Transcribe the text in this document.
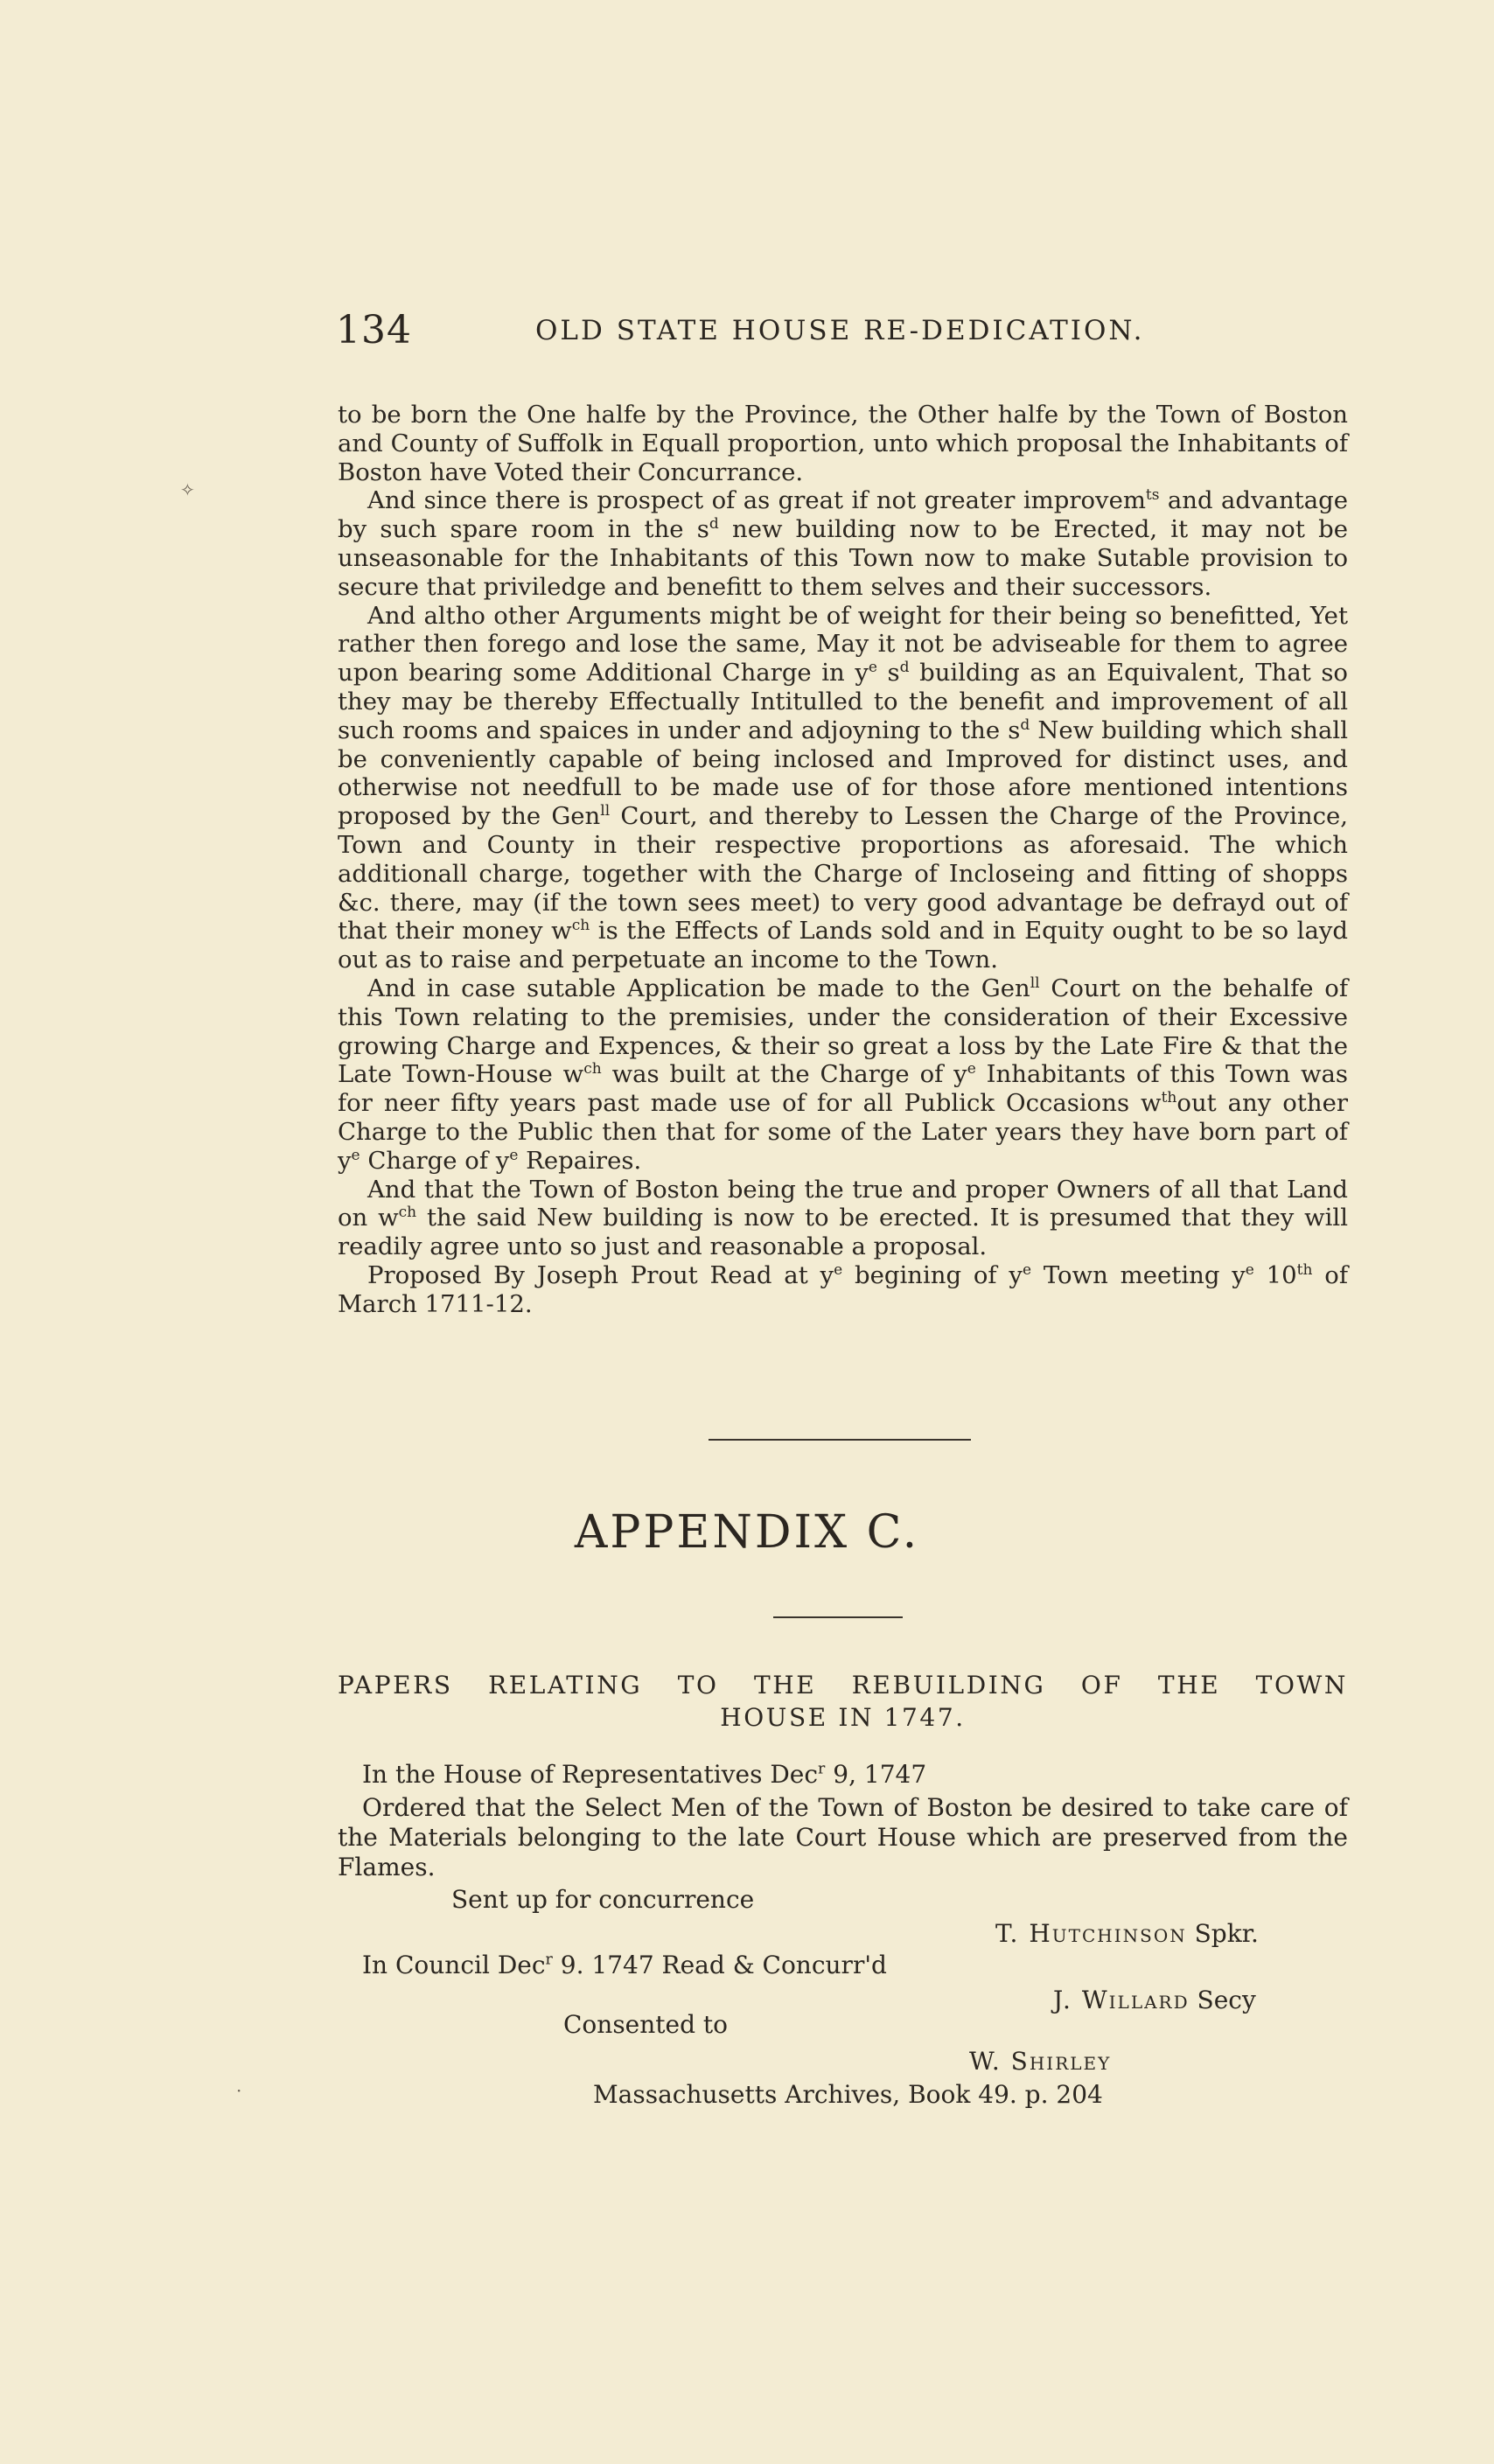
134	OLD STATE HOUSE RE-DEDICATION.

to be born the One halfe by the Province, the Other halfe by the Town of Boston and County of Suffolk in Equall proportion, unto which proposal the Inhabitants of Boston have Voted their Concurrance.

And since there is prospect of as great if not greater improvem$^{ts}$ and advantage by such spare room in the $s^d$ new building now to be Erected, it may not be unseasonable for the Inhabitants of this Town now to make Sutable provision to secure that priviledge and benefitt to them selves and their successors.

And altho other Arguments might be of weight for their being so benefitted, Yet rather then forego and lose the same, May it not be adviseable for them to agree upon bearing some Additional Charge in $y^e$ $s^d$ building as an Equivalent, That so they may be thereby Effectually Intitulled to the benefit and improvement of all such rooms and spaices in under and adjoyning to the $s^d$ New building which shall be conveniently capable of being inclosed and Improved for distinct uses, and otherwise not needfull to be made use of for those afore mentioned intentions proposed by the Gen$^{ll}$ Court, and thereby to Lessen the Charge of the Province, Town and County in their respective proportions as aforesaid. The which additionall charge, together with the Charge of Incloseing and fitting of shopps &c. there, may (if the town sees meet) to very good advantage be defrayd out of that their money $w^{ch}$ is the Effects of Lands sold and in Equity ought to be so layd out as to raise and perpetuate an income to the Town.

And in case sutable Application be made to the Gen$^{ll}$ Court on the behalfe of this Town relating to the premisies, under the consideration of their Excessive growing Charge and Expences, & their so great a loss by the Late Fire & that the Late Town-House $w^{ch}$ was built at the Charge of $y^e$ Inhabitants of this Town was for neer fifty years past made use of for all Publick Occasions $w^{th}out$ any other Charge to the Public then that for some of the Later years they have born part of $y^e$ Charge of $y^e$ Repaires.

And that the Town of Boston being the true and proper Owners of all that Land on $w^{ch}$ the said New building is now to be erected. It is presumed that they will readily agree unto so just and reasonable a proposal.

Proposed By Joseph Prout Read at $y^e$ begining of $y^e$ Town meeting $y^e$ 10th of March 1711-12.

APPENDIX C.
PAPERS RELATING TO THE REBUILDING OF THE TOWN
HOUSE IN 1747.
In the House of Representatives Dec$^r$ 9, 1747
Ordered that the Select Men of the Town of Boston be desired to take care of the Materials belonging to the late Court House which are preserved from the Flames.
Sent up for concurrence
T. Hutchinson Spkr.
In Council Dec$^r$ 9. 1747 Read & Concurr'd
J. Willard Secy
Consented to
W. Shirley
Massachusetts Archives, Book 49. p. 204
✧
·
